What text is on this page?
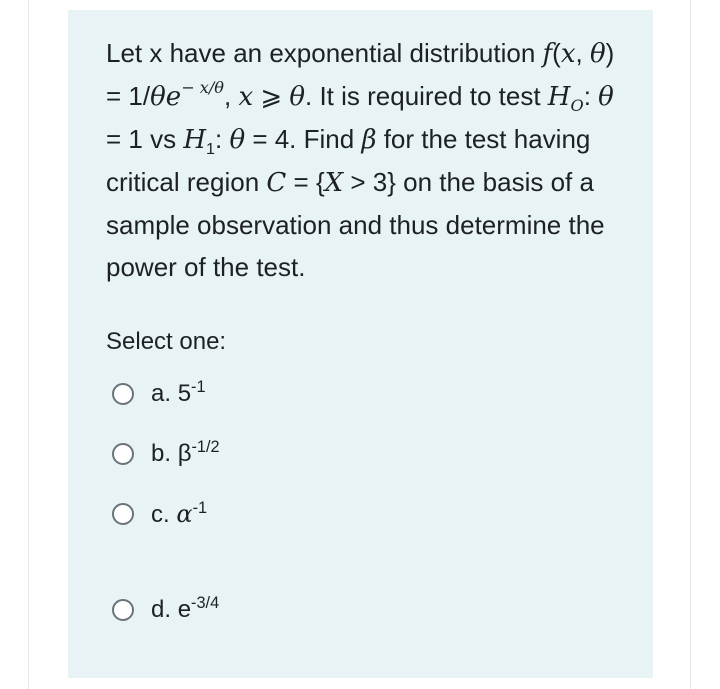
Let x have an exponential distribution f(x, $\theta) = 1/\theta e^{- x/\theta}$, x ⩾ θ. It is required to test $H_O$: θ = 1 vs $H_1$: θ = 4. Find β for the test having critical region C = {X > 3} on the basis of a sample observation and thus determine the power of the test.
Select one:
a. $5^{-1}$
b. $\beta^{-1/2}$
c. $\alpha^{-1}$
d. $e^{-3/4}$
